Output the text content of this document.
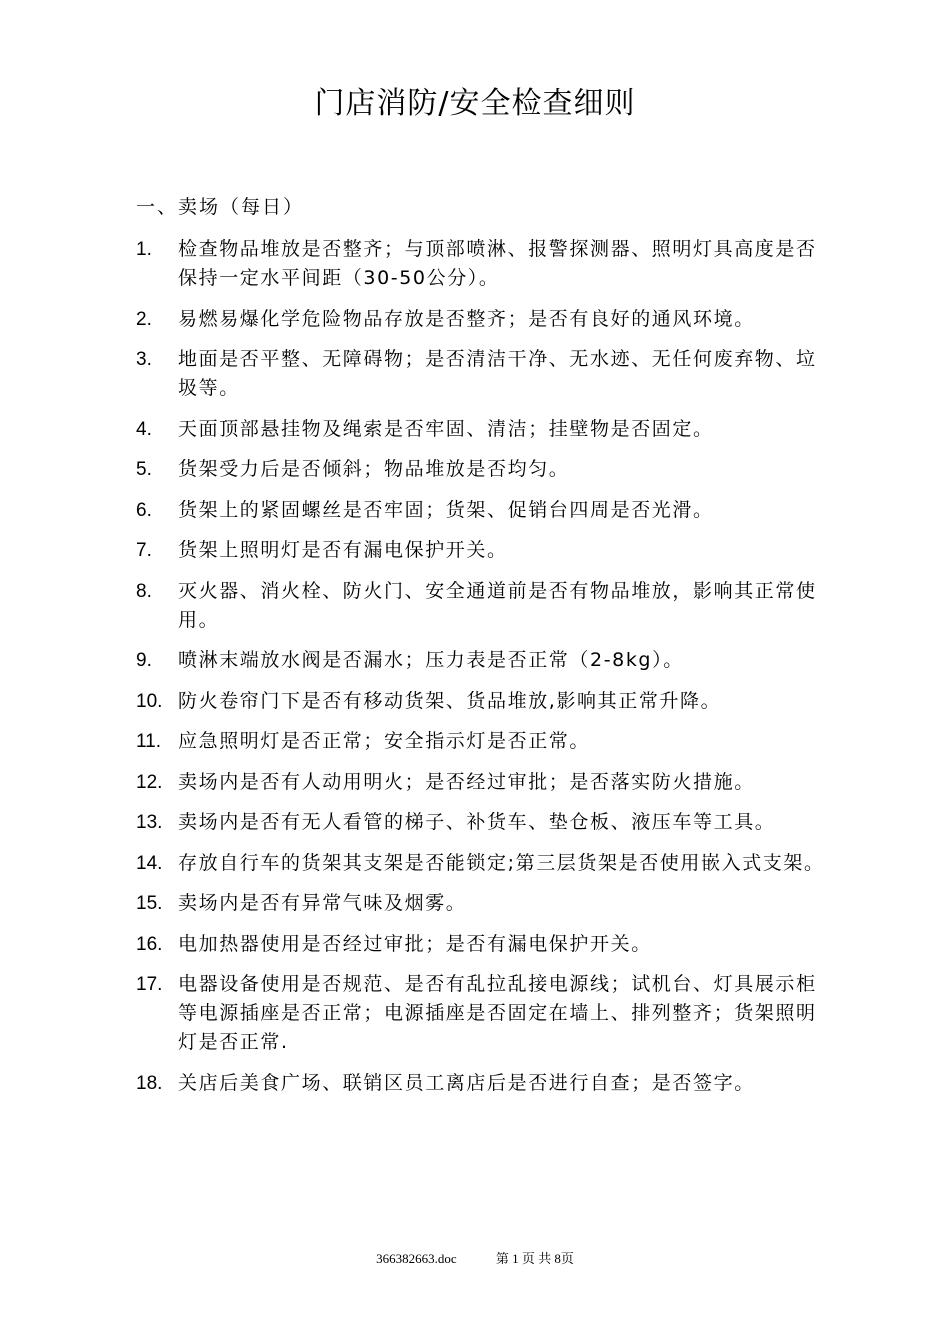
门店消防/安全检查细则
一、卖场（每日）
1.	检查物品堆放是否整齐；与顶部喷淋、报警探测器、照明灯具高度是否保持一定水平间距（30-50公分）。
2.	易燃易爆化学危险物品存放是否整齐；是否有良好的通风环境。
3.	地面是否平整、无障碍物；是否清洁干净、无水迹、无任何废弃物、垃圾等。
4.	天面顶部悬挂物及绳索是否牢固、清洁；挂壁物是否固定。
5.	货架受力后是否倾斜；物品堆放是否均匀。
6.	货架上的紧固螺丝是否牢固；货架、促销台四周是否光滑。
7.	货架上照明灯是否有漏电保护开关。
8.	灭火器、消火栓、防火门、安全通道前是否有物品堆放，影响其正常使用。
9.	喷淋末端放水阀是否漏水；压力表是否正常（2-8kg）。
10. 防火卷帘门下是否有移动货架、货品堆放,影响其正常升降。
11. 应急照明灯是否正常；安全指示灯是否正常。
12. 卖场内是否有人动用明火；是否经过审批；是否落实防火措施。
13. 卖场内是否有无人看管的梯子、补货车、垫仓板、液压车等工具。
14. 存放自行车的货架其支架是否能锁定;第三层货架是否使用嵌入式支架。
15. 卖场内是否有异常气味及烟雾。
16. 电加热器使用是否经过审批；是否有漏电保护开关。
17. 电器设备使用是否规范、是否有乱拉乱接电源线；试机台、灯具展示柜等电源插座是否正常；电源插座是否固定在墙上、排列整齐；货架照明灯是否正常.
18. 关店后美食广场、联销区员工离店后是否进行自查；是否签字。
366382663.doc	第 1 页 共 8页
